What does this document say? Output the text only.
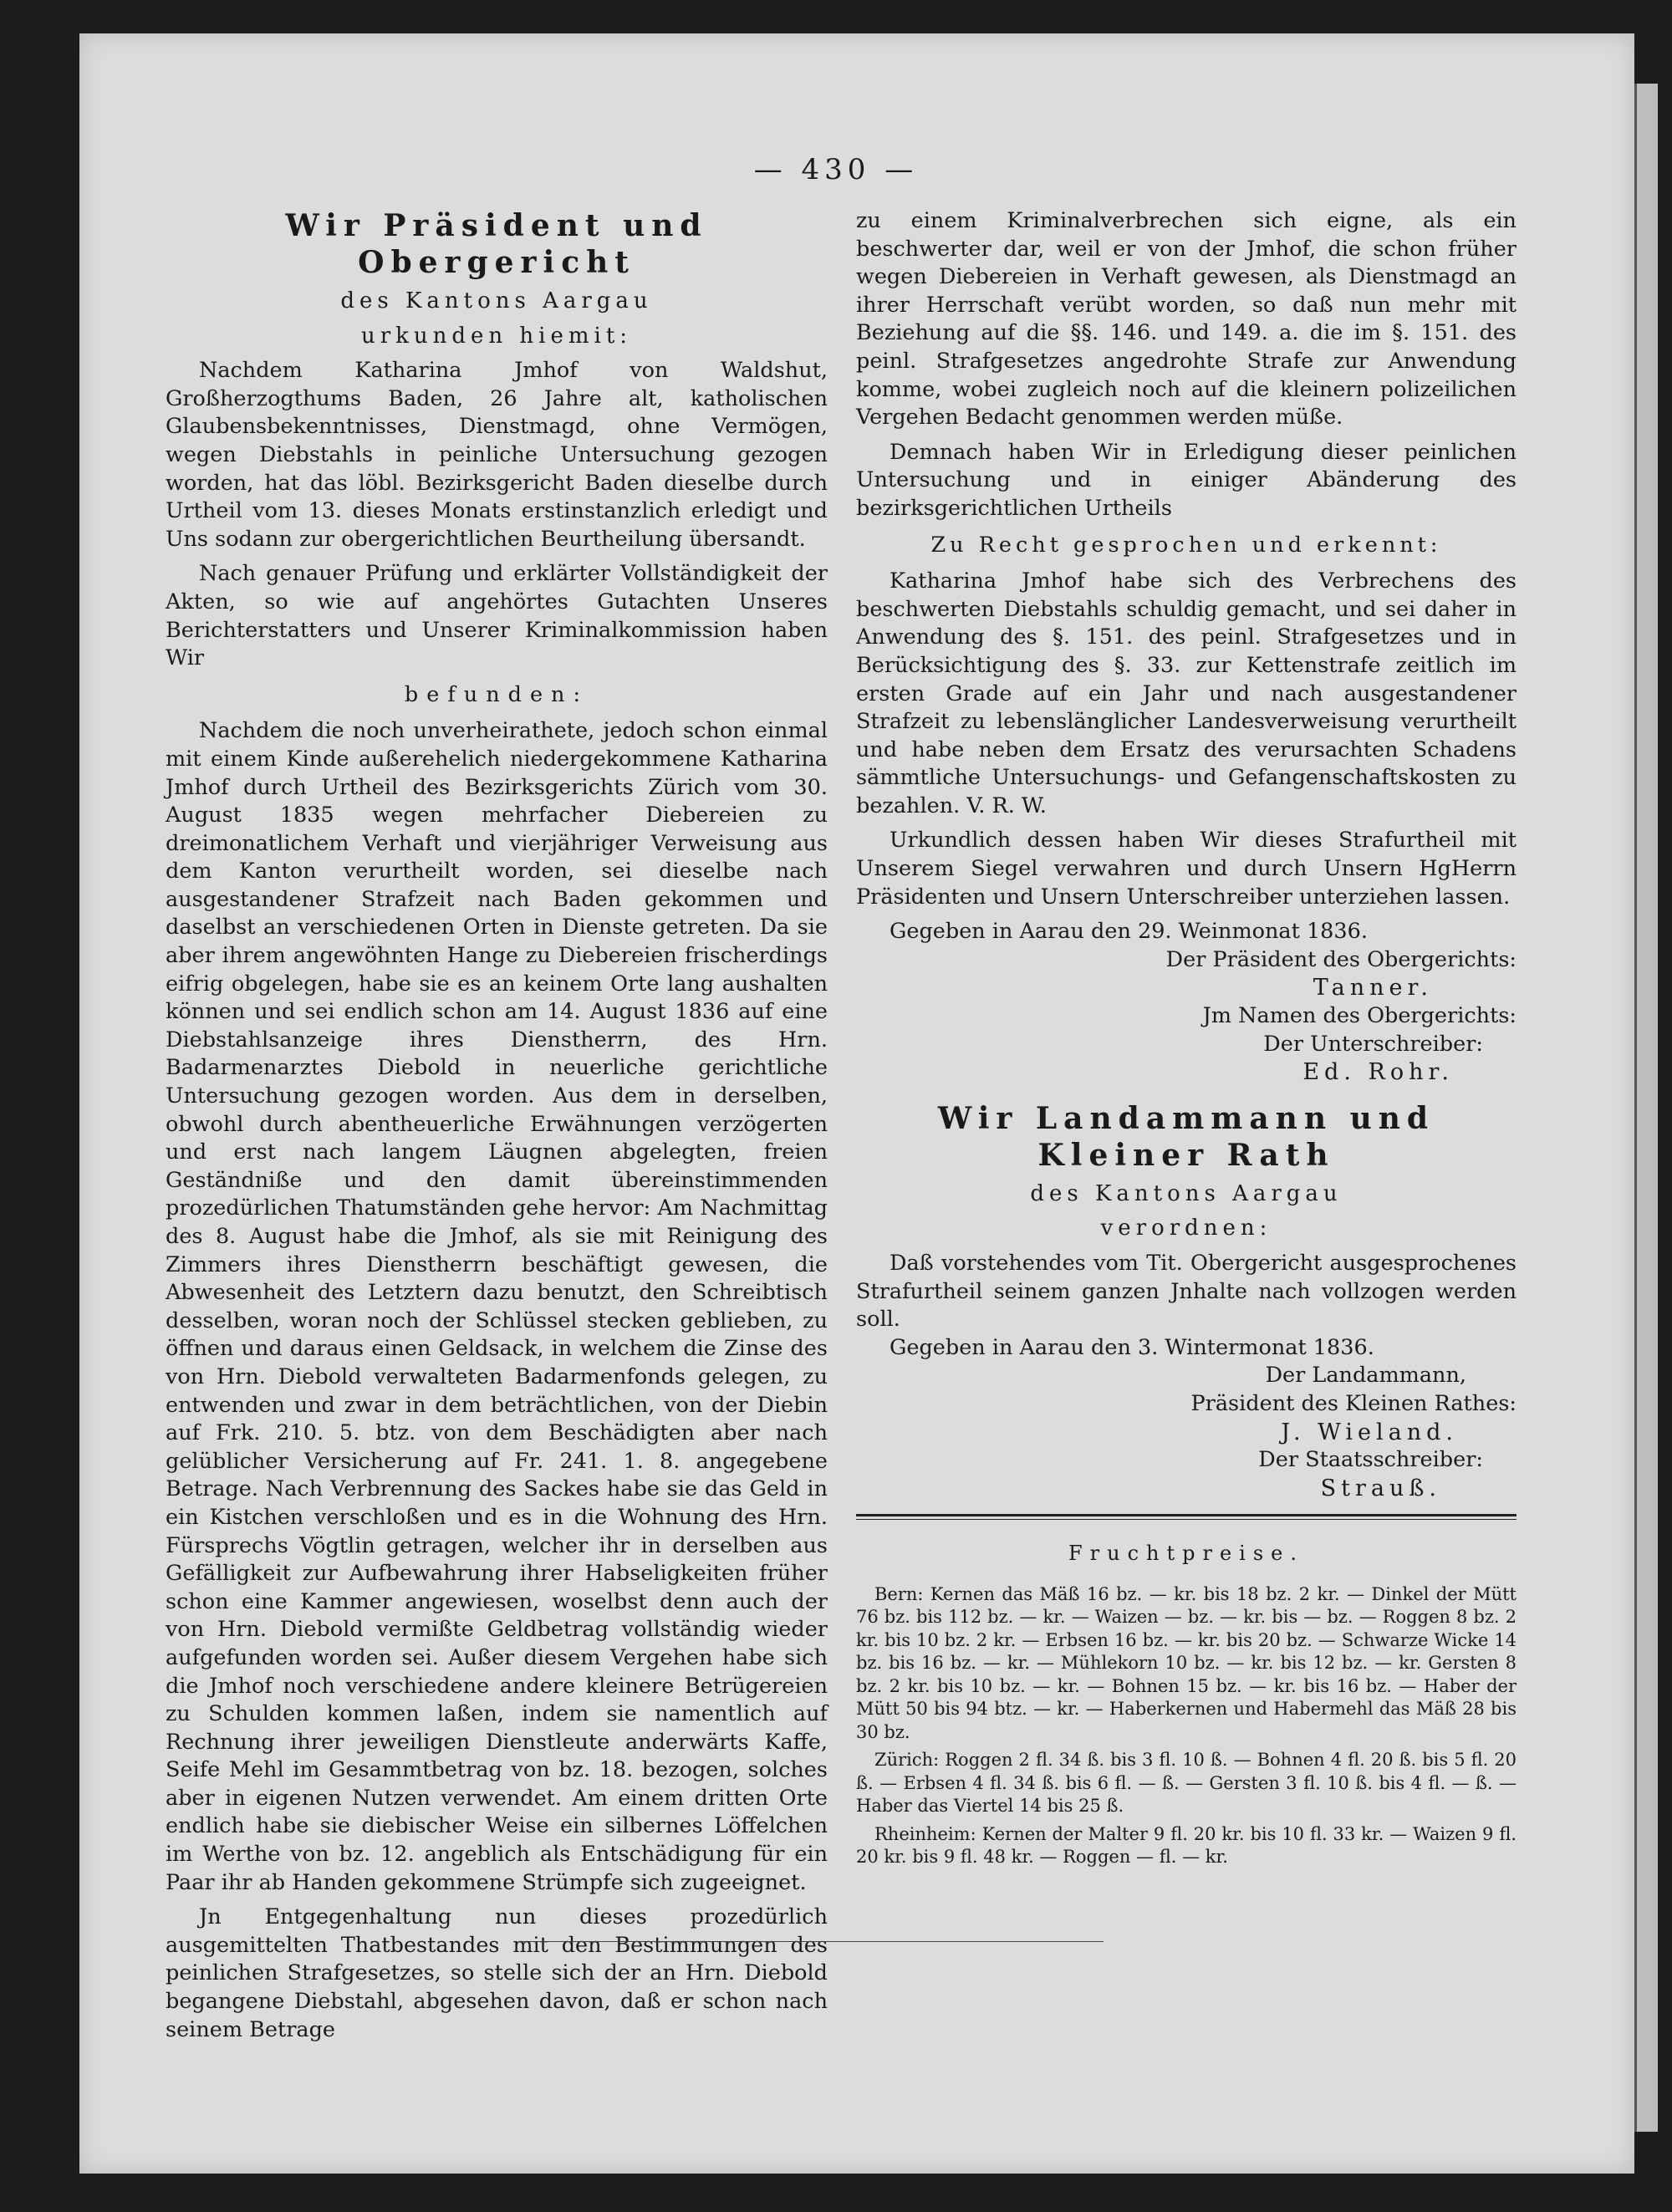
— 430 —
Wir Präsident und Obergericht
des Kantons Aargau
urkunden hiemit:

Nachdem Katharina Jmhof von Waldshut, Großherzogthums Baden, 26 Jahre alt, katholischen Glaubensbekenntnisses, Dienstmagd, ohne Vermögen, wegen Diebstahls in peinliche Untersuchung gezogen worden, hat das löbl. Bezirksgericht Baden dieselbe durch Urtheil vom 13. dieses Monats erstinstanzlich erledigt und Uns sodann zur obergerichtlichen Beurtheilung übersandt.

Nach genauer Prüfung und erklärter Vollständigkeit der Akten, so wie auf angehörtes Gutachten Unseres Berichterstatters und Unserer Kriminalkommission haben Wir

befunden:

Nachdem die noch unverheirathete, jedoch schon einmal mit einem Kinde außerehelich niedergekommene Katharina Jmhof durch Urtheil des Bezirksgerichts Zürich vom 30. August 1835 wegen mehrfacher Diebereien zu dreimonatlichem Verhaft und vierjähriger Verweisung aus dem Kanton verurtheilt worden, sei dieselbe nach ausgestandener Strafzeit nach Baden gekommen und daselbst an verschiedenen Orten in Dienste getreten. Da sie aber ihrem angewöhnten Hange zu Diebereien frischerdings eifrig obgelegen, habe sie es an keinem Orte lang aushalten können und sei endlich schon am 14. August 1836 auf eine Diebstahlsanzeige ihres Dienstherrn, des Hrn. Badarmenarztes Diebold in neuerliche gerichtliche Untersuchung gezogen worden. Aus dem in derselben, obwohl durch abentheuerliche Erwähnungen verzögerten und erst nach langem Läugnen abgelegten, freien Geständniße und den damit übereinstimmenden prozedürlichen Thatumständen gehe hervor: Am Nachmittag des 8. August habe die Jmhof, als sie mit Reinigung des Zimmers ihres Dienstherrn beschäftigt gewesen, die Abwesenheit des Letztern dazu benutzt, den Schreibtisch desselben, woran noch der Schlüssel stecken geblieben, zu öffnen und daraus einen Geldsack, in welchem die Zinse des von Hrn. Diebold verwalteten Badarmenfonds gelegen, zu entwenden und zwar in dem beträchtlichen, von der Diebin auf Frk. 210. 5. btz. von dem Beschädigten aber nach gelüblicher Versicherung auf Fr. 241. 1. 8. angegebene Betrage. Nach Verbrennung des Sackes habe sie das Geld in ein Kistchen verschloßen und es in die Wohnung des Hrn. Fürsprechs Vögtlin getragen, welcher ihr in derselben aus Gefälligkeit zur Aufbewahrung ihrer Habseligkeiten früher schon eine Kammer angewiesen, woselbst denn auch der von Hrn. Diebold vermißte Geldbetrag vollständig wieder aufgefunden worden sei. Außer diesem Vergehen habe sich die Jmhof noch verschiedene andere kleinere Betrügereien zu Schulden kommen laßen, indem sie namentlich auf Rechnung ihrer jeweiligen Dienstleute anderwärts Kaffe, Seife Mehl im Gesammtbetrag von bz. 18. bezogen, solches aber in eigenen Nutzen verwendet. Am einem dritten Orte endlich habe sie diebischer Weise ein silbernes Löffelchen im Werthe von bz. 12. angeblich als Entschädigung für ein Paar ihr ab Handen gekommene Strümpfe sich zugeeignet.

Jn Entgegenhaltung nun dieses prozedürlich ausgemittelten Thatbestandes mit den Bestimmungen des peinlichen Strafgesetzes, so stelle sich der an Hrn. Diebold begangene Diebstahl, abgesehen davon, daß er schon nach seinem Betrage

zu einem Kriminalverbrechen sich eigne, als ein beschwerter dar, weil er von der Jmhof, die schon früher wegen Diebereien in Verhaft gewesen, als Dienstmagd an ihrer Herrschaft verübt worden, so daß nun mehr mit Beziehung auf die §§. 146. und 149. a. die im §. 151. des peinl. Strafgesetzes angedrohte Strafe zur Anwendung komme, wobei zugleich noch auf die kleinern polizeilichen Vergehen Bedacht genommen werden müße.

Demnach haben Wir in Erledigung dieser peinlichen Untersuchung und in einiger Abänderung des bezirksgerichtlichen Urtheils

Zu Recht gesprochen und erkennt:

Katharina Jmhof habe sich des Verbrechens des beschwerten Diebstahls schuldig gemacht, und sei daher in Anwendung des §. 151. des peinl. Strafgesetzes und in Berücksichtigung des §. 33. zur Kettenstrafe zeitlich im ersten Grade auf ein Jahr und nach ausgestandener Strafzeit zu lebenslänglicher Landesverweisung verurtheilt und habe neben dem Ersatz des verursachten Schadens sämmtliche Untersuchungs- und Gefangenschaftskosten zu bezahlen. V. R. W.

Urkundlich dessen haben Wir dieses Strafurtheil mit Unserem Siegel verwahren und durch Unsern HgHerrn Präsidenten und Unsern Unterschreiber unterziehen lassen.

Gegeben in Aarau den 29. Weinmonat 1836.

Der Präsident des Obergerichts:
Tanner.
Jm Namen des Obergerichts:
Der Unterschreiber:
Ed. Rohr.
Wir Landammann und Kleiner Rath
des Kantons Aargau
verordnen:

Daß vorstehendes vom Tit. Obergericht ausgesprochenes Strafurtheil seinem ganzen Jnhalte nach vollzogen werden soll.

Gegeben in Aarau den 3. Wintermonat 1836.

Der Landammann,
Präsident des Kleinen Rathes:
J. Wieland.
Der Staatsschreiber:
Strauß.
Fruchtpreise.

Bern: Kernen das Mäß 16 bz. — kr. bis 18 bz. 2 kr. — Dinkel der Mütt 76 bz. bis 112 bz. — kr. — Waizen — bz. — kr. bis — bz. — Roggen 8 bz. 2 kr. bis 10 bz. 2 kr. — Erbsen 16 bz. — kr. bis 20 bz. — Schwarze Wicke 14 bz. bis 16 bz. — kr. — Mühlekorn 10 bz. — kr. bis 12 bz. — kr. Gersten 8 bz. 2 kr. bis 10 bz. — kr. — Bohnen 15 bz. — kr. bis 16 bz. — Haber der Mütt 50 bis 94 btz. — kr. — Haberkernen und Habermehl das Mäß 28 bis 30 bz.

Zürich: Roggen 2 fl. 34 ß. bis 3 fl. 10 ß. — Bohnen 4 fl. 20 ß. bis 5 fl. 20 ß. — Erbsen 4 fl. 34 ß. bis 6 fl. — ß. — Gersten 3 fl. 10 ß. bis 4 fl. — ß. — Haber das Viertel 14 bis 25 ß.

Rheinheim: Kernen der Malter 9 fl. 20 kr. bis 10 fl. 33 kr. — Waizen 9 fl. 20 kr. bis 9 fl. 48 kr. — Roggen — fl. — kr.
